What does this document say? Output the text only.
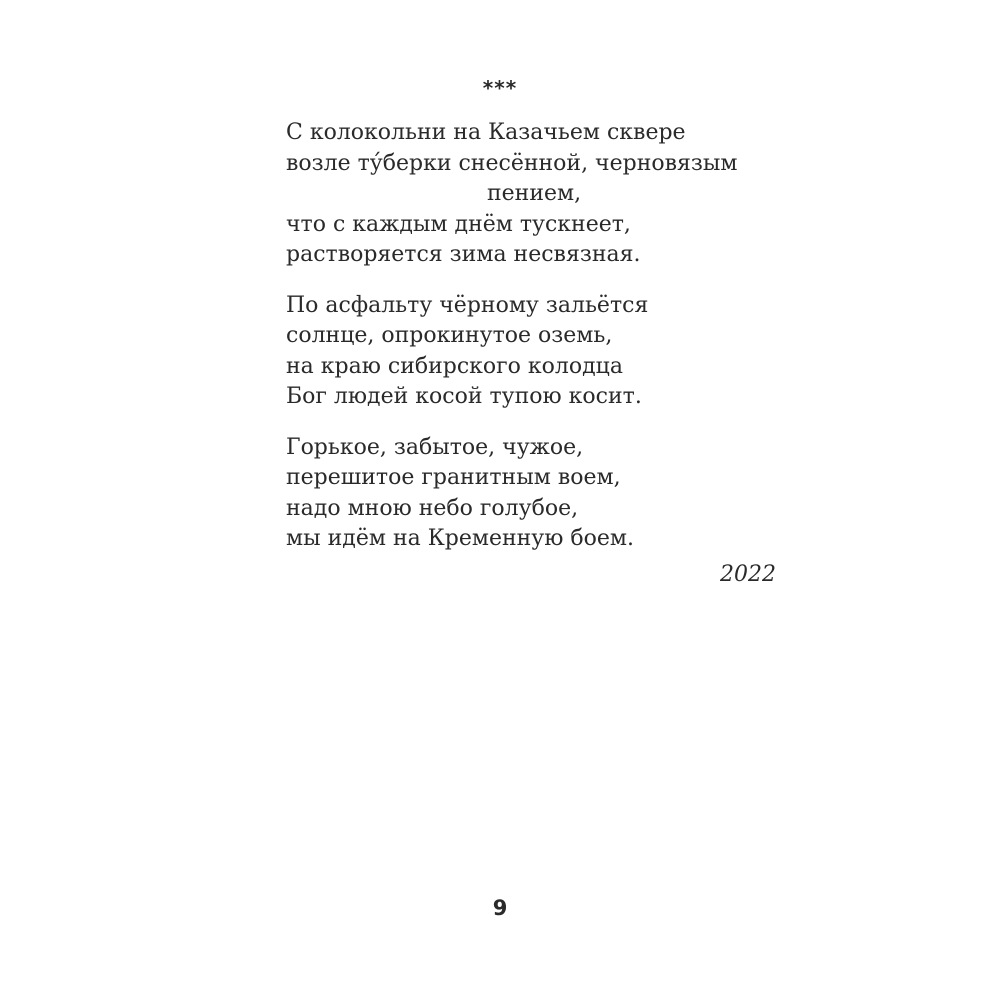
***
С колокольни на Казачьем сквере
возле ту́берки снесённой, черновязым
пением,
что с каждым днём тускнеет,
растворяется зима несвязная.
По асфальту чёрному зальётся
солнце, опрокинутое оземь,
на краю сибирского колодца
Бог людей косой тупою косит.
Горькое, забытое, чужое,
перешитое гранитным воем,
надо мною небо голубое,
мы идём на Кременную боем.
2022
9
